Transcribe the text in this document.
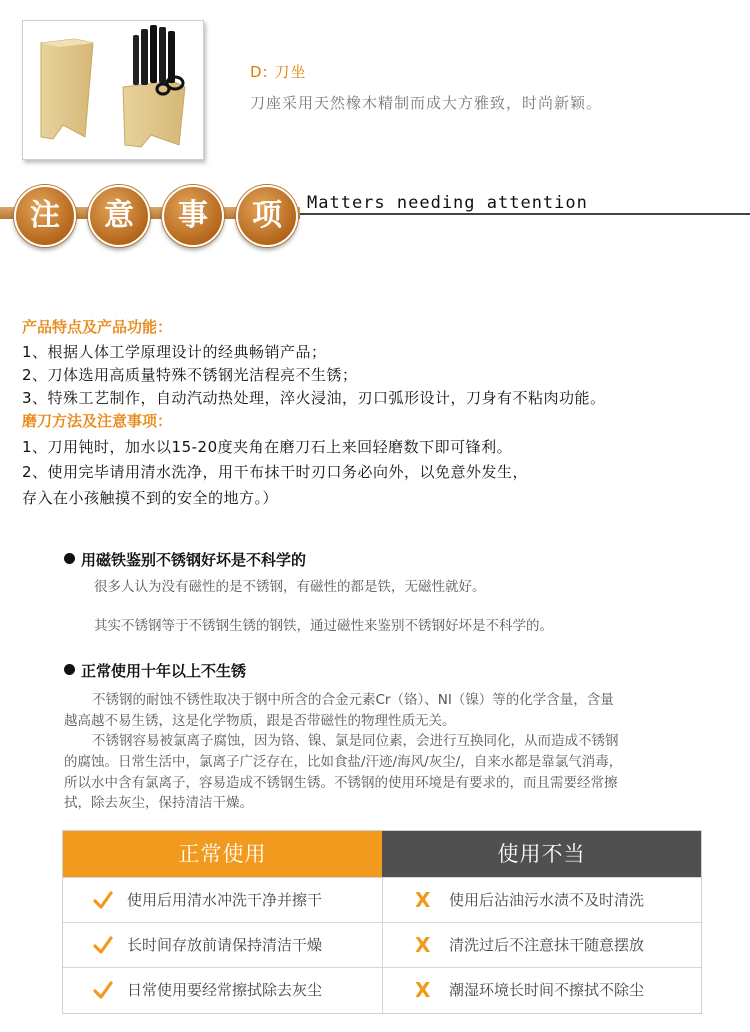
D: 刀坐
刀座采用天然橡木精制而成大方雅致，时尚新颖。
注	意	事	项	Matters needing attention
产品特点及产品功能：
1、根据人体工学原理设计的经典畅销产品；
2、刀体选用高质量特殊不锈钢光洁程亮不生锈；
3、特殊工艺制作，自动汽动热处理，淬火浸油，刃口弧形设计，刀身有不粘肉功能。
磨刀方法及注意事项：
1、刀用钝时，加水以15-20度夹角在磨刀石上来回轻磨数下即可锋利。
2、使用完毕请用清水洗净，用干布抹干时刃口务必向外，以免意外发生，
存入在小孩触摸不到的安全的地方。）
用磁铁鉴别不锈钢好坏是不科学的
很多人认为没有磁性的是不锈钢，有磁性的都是铁，无磁性就好。
其实不锈钢等于不锈钢生锈的钢铁，通过磁性来鉴别不锈钢好坏是不科学的。
正常使用十年以上不生锈
不锈钢的耐蚀不锈性取决于钢中所含的合金元素Cr（铬）、NI（镍）等的化学含量，含量
越高越不易生锈，这是化学物质，跟是否带磁性的物理性质无关。
不锈钢容易被氯离子腐蚀，因为铬、镍、氯是同位素，会进行互换同化，从而造成不锈钢
的腐蚀。日常生活中，氯离子广泛存在，比如食盐/汗迹/海风/灰尘/，自来水都是靠氯气消毒，
所以水中含有氯离子，容易造成不锈钢生锈。不锈钢的使用环境是有要求的，而且需要经常擦
拭，除去灰尘，保持清洁干燥。
正常使用	使用不当
使用后用清水冲洗干净并擦干	X 使用后沾油污水渍不及时清洗
长时间存放前请保持清洁干燥	X 清洗过后不注意抹干随意摆放
日常使用要经常擦拭除去灰尘	X 潮湿环境长时间不擦拭不除尘
